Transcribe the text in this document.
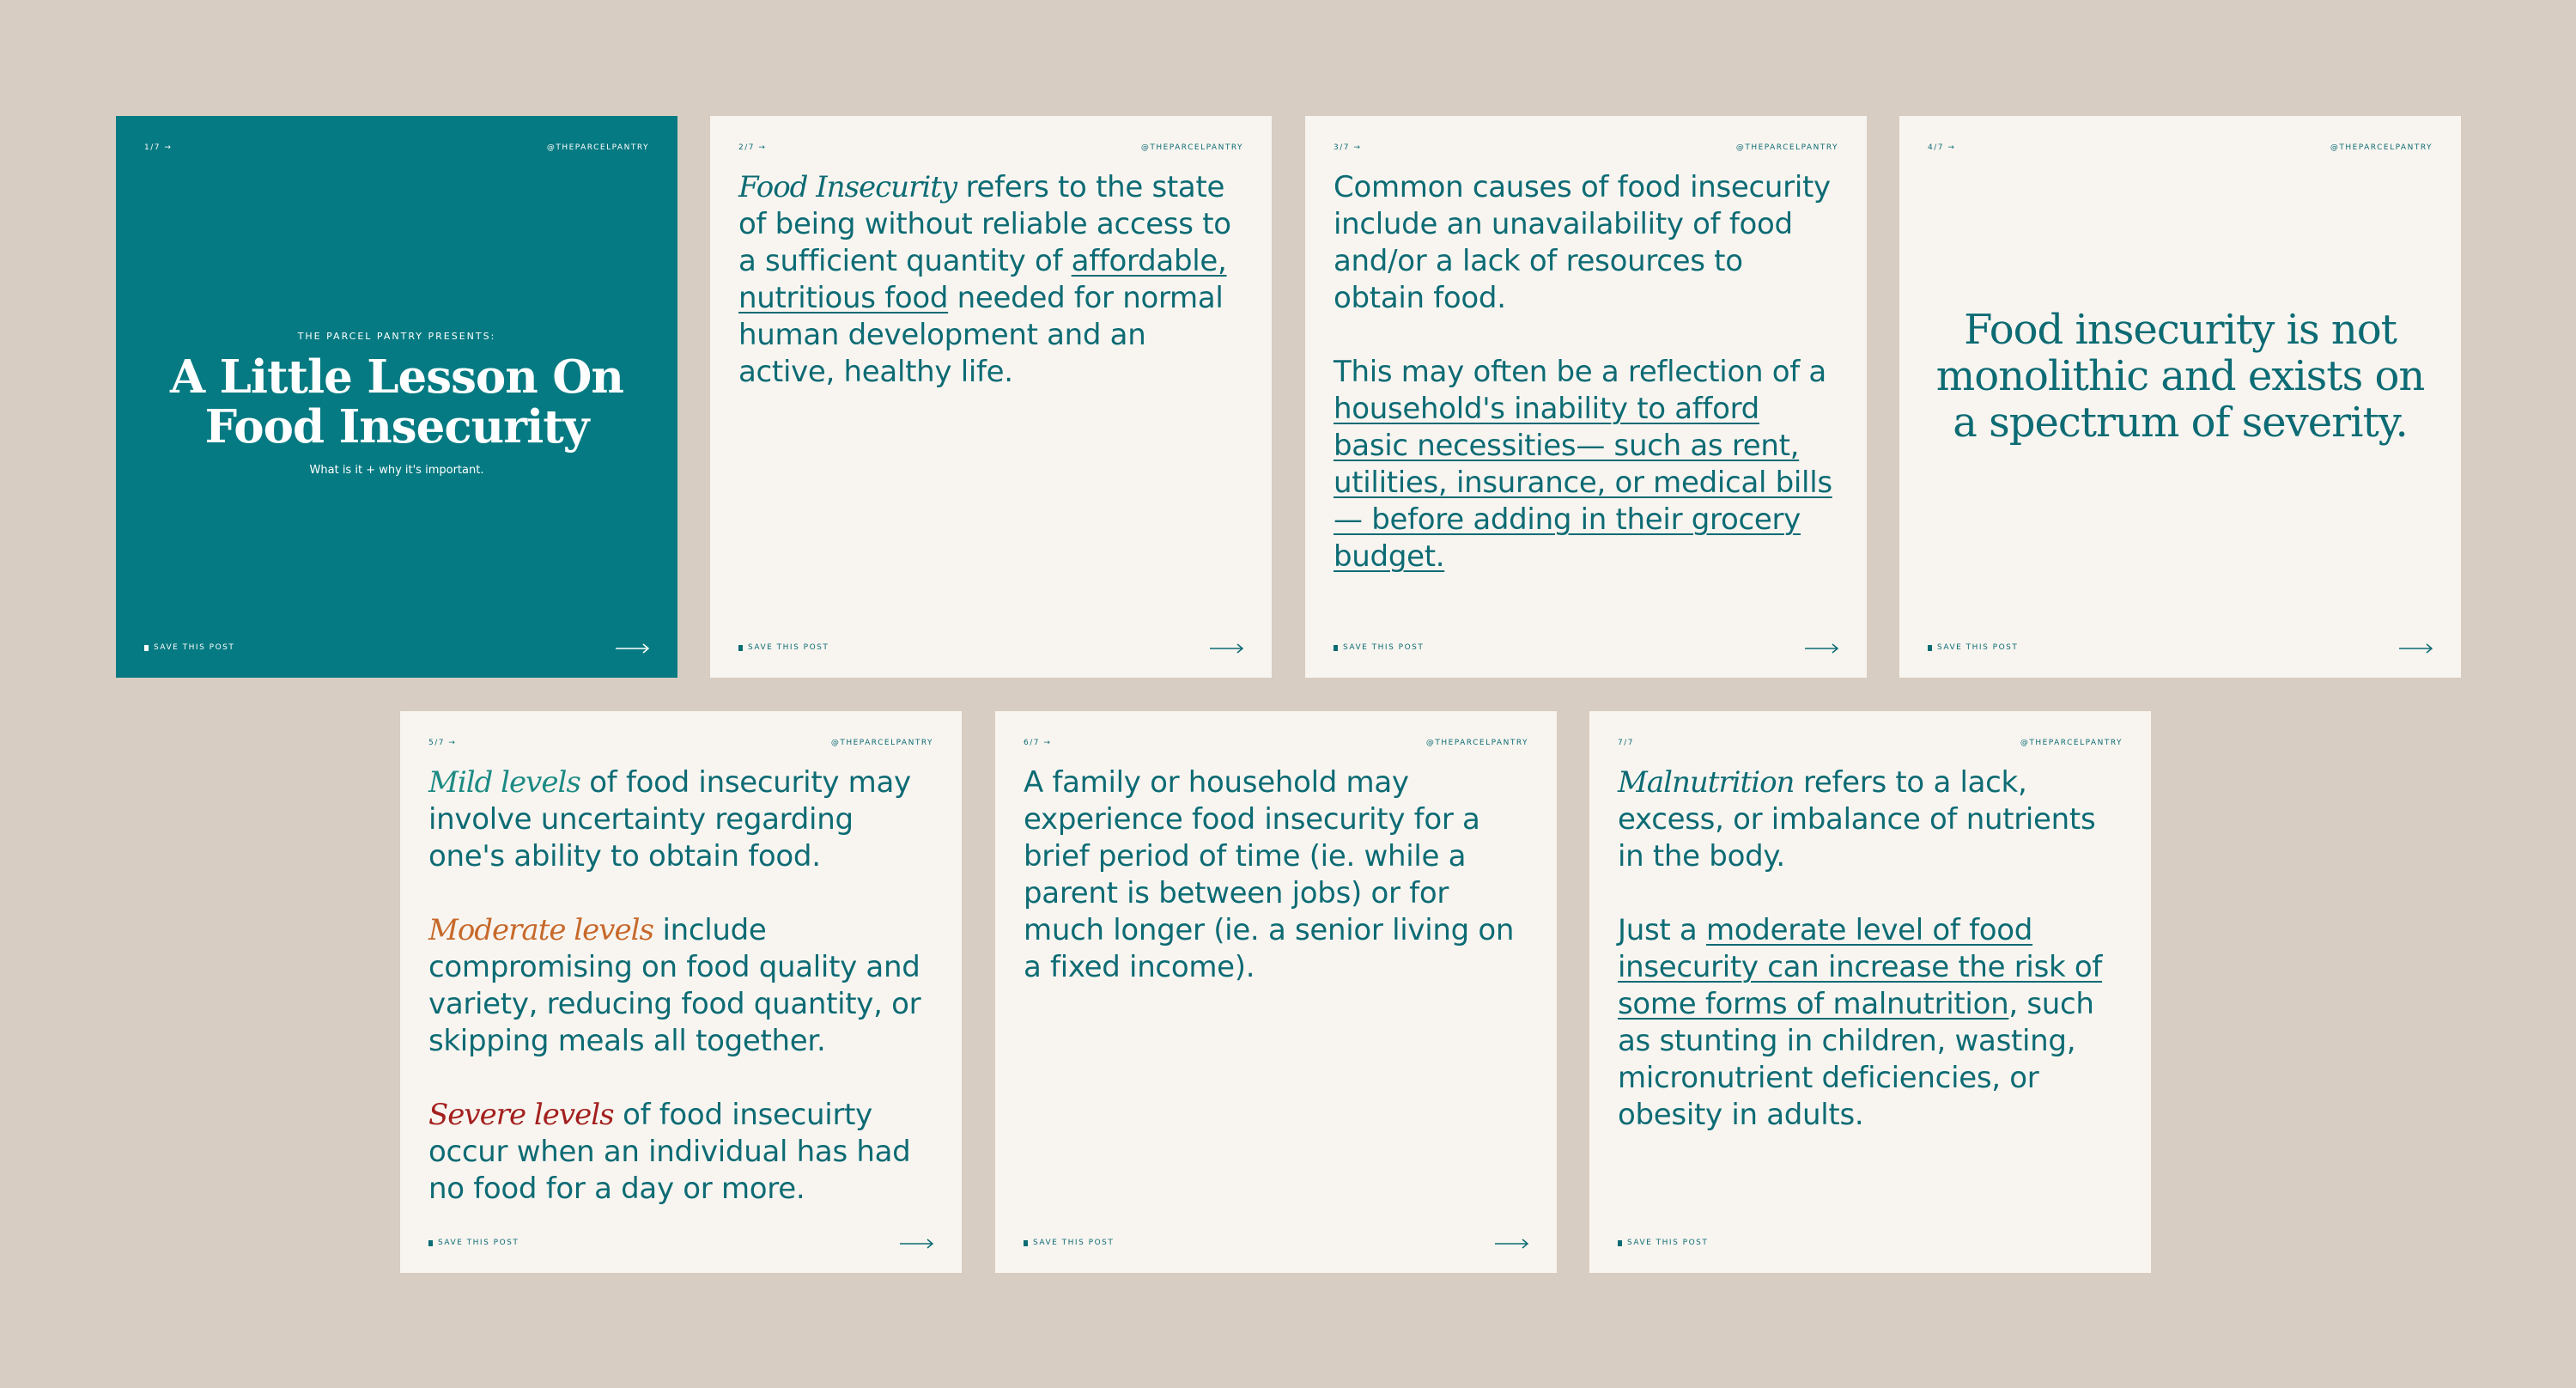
1/7 →	@THEPARCELPANTRY
THE PARCEL PANTRY PRESENTS:
A Little Lesson On
Food Insecurity
What is it + why it's important.
SAVE THIS POST
2/7 →	@THEPARCELPANTRY

Food Insecurity refers to the state of being without reliable access to a sufficient quantity of affordable, nutritious food needed for normal human development and an active, healthy life.

SAVE THIS POST
3/7 →	@THEPARCELPANTRY

Common causes of food insecurity include an unavailability of food and/or a lack of resources to obtain food.

This may often be a reflection of a household's inability to afford basic necessities— such as rent, utilities, insurance, or medical bills— before adding in their grocery budget.

SAVE THIS POST
4/7 →	@THEPARCELPANTRY

Food insecurity is not monolithic and exists on a spectrum of severity.

SAVE THIS POST
5/7 →	@THEPARCELPANTRY

Mild levels of food insecurity may involve uncertainty regarding one's ability to obtain food.

Moderate levels include compromising on food quality and variety, reducing food quantity, or skipping meals all together.

Severe levels of food insecuirty occur when an individual has had no food for a day or more.

SAVE THIS POST
6/7 →	@THEPARCELPANTRY

A family or household may experience food insecurity for a brief period of time (ie. while a parent is between jobs) or for much longer (ie. a senior living on a fixed income).

SAVE THIS POST
7/7	@THEPARCELPANTRY

Malnutrition refers to a lack, excess, or imbalance of nutrients in the body.

Just a moderate level of food insecurity can increase the risk of some forms of malnutrition, such as stunting in children, wasting, micronutrient deficiencies, or obesity in adults.

SAVE THIS POST
